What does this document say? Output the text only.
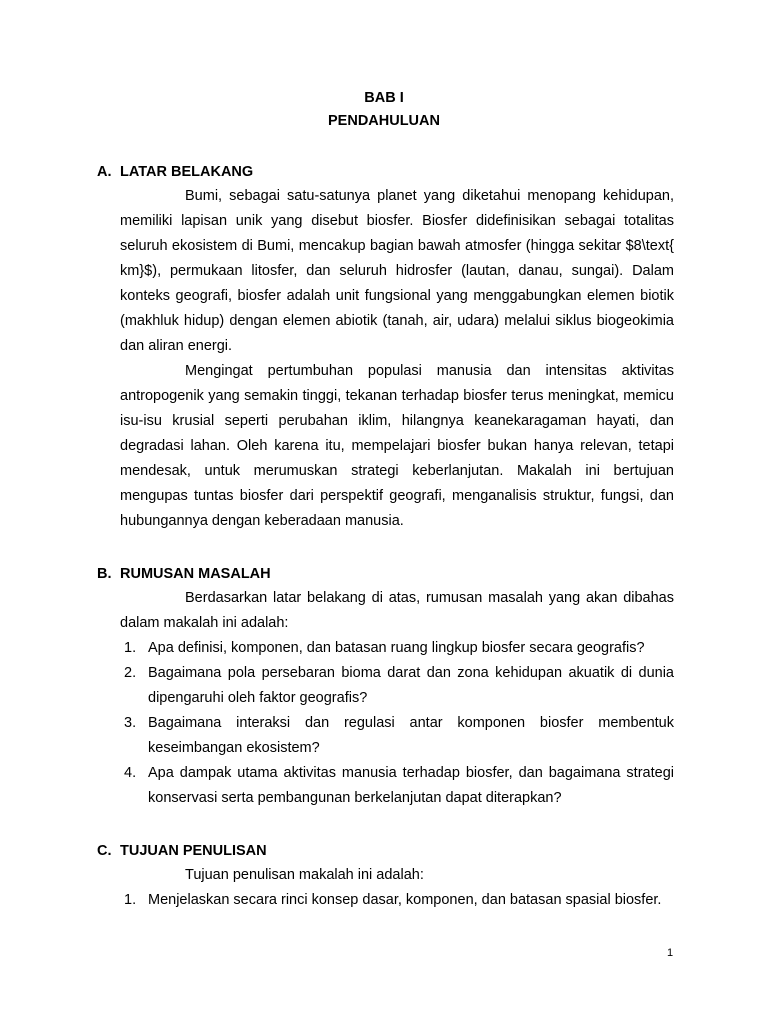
BAB I
PENDAHULUAN
A. LATAR BELAKANG

Bumi, sebagai satu-satunya planet yang diketahui menopang kehidupan, memiliki lapisan unik yang disebut biosfer. Biosfer didefinisikan sebagai totalitas seluruh ekosistem di Bumi, mencakup bagian bawah atmosfer (hingga sekitar $8\text{ km}$), permukaan litosfer, dan seluruh hidrosfer (lautan, danau, sungai). Dalam konteks geografi, biosfer adalah unit fungsional yang menggabungkan elemen biotik (makhluk hidup) dengan elemen abiotik (tanah, air, udara) melalui siklus biogeokimia dan aliran energi.

Mengingat pertumbuhan populasi manusia dan intensitas aktivitas antropogenik yang semakin tinggi, tekanan terhadap biosfer terus meningkat, memicu isu-isu krusial seperti perubahan iklim, hilangnya keanekaragaman hayati, dan degradasi lahan. Oleh karena itu, mempelajari biosfer bukan hanya relevan, tetapi mendesak, untuk merumuskan strategi keberlanjutan. Makalah ini bertujuan mengupas tuntas biosfer dari perspektif geografi, menganalisis struktur, fungsi, dan hubungannya dengan keberadaan manusia.

B. RUMUSAN MASALAH

Berdasarkan latar belakang di atas, rumusan masalah yang akan dibahas dalam makalah ini adalah:

1. Apa definisi, komponen, dan batasan ruang lingkup biosfer secara geografis?
2. Bagaimana pola persebaran bioma darat dan zona kehidupan akuatik di dunia dipengaruhi oleh faktor geografis?
3. Bagaimana interaksi dan regulasi antar komponen biosfer membentuk keseimbangan ekosistem?
4. Apa dampak utama aktivitas manusia terhadap biosfer, dan bagaimana strategi konservasi serta pembangunan berkelanjutan dapat diterapkan?
C. TUJUAN PENULISAN

Tujuan penulisan makalah ini adalah:

1. Menjelaskan secara rinci konsep dasar, komponen, dan batasan spasial biosfer.
1
